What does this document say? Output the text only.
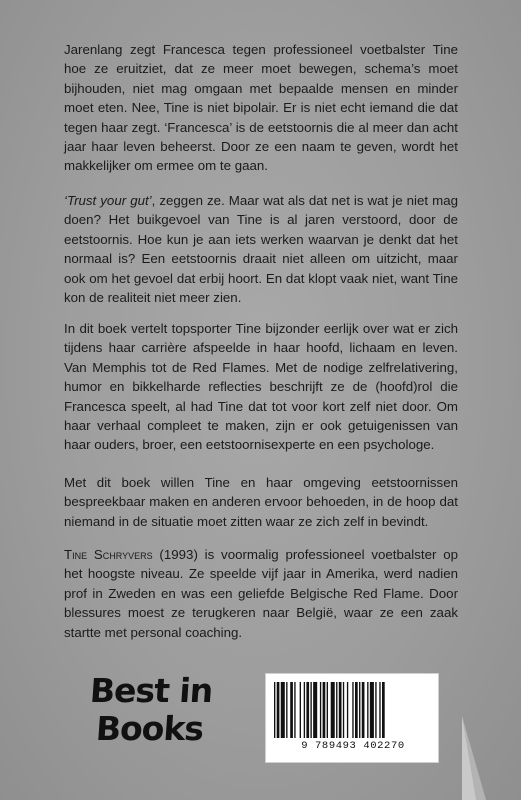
Jarenlang zegt Francesca tegen professioneel voetbalster Tine hoe ze eruitziet, dat ze meer moet bewegen, schema’s moet bijhouden, niet mag omgaan met bepaalde mensen en minder moet eten. Nee, Tine is niet bipolair. Er is niet echt iemand die dat tegen haar zegt. ‘Francesca’ is de eetstoornis die al meer dan acht jaar haar leven beheerst. Door ze een naam te geven, wordt het makkelijker om ermee om te gaan.

‘Trust your gut’, zeggen ze. Maar wat als dat net is wat je niet mag doen? Het buikgevoel van Tine is al jaren verstoord, door de eetstoornis. Hoe kun je aan iets werken waarvan je denkt dat het normaal is? Een eetstoornis draait niet alleen om uitzicht, maar ook om het gevoel dat erbij hoort. En dat klopt vaak niet, want Tine kon de realiteit niet meer zien.

In dit boek vertelt topsporter Tine bijzonder eerlijk over wat er zich tijdens haar carrière afspeelde in haar hoofd, lichaam en leven. Van Memphis tot de Red Flames. Met de nodige zelfrelativering, humor en bikkelharde reflecties beschrijft ze de (hoofd)rol die Francesca speelt, al had Tine dat tot voor kort zelf niet door. Om haar verhaal compleet te maken, zijn er ook getuigenissen van haar ouders, broer, een eetstoornisexperte en een psychologe.

Met dit boek willen Tine en haar omgeving eetstoornissen bespreekbaar maken en anderen ervoor behoeden, in de hoop dat niemand in de situatie moet zitten waar ze zich zelf in bevindt.

Tine Schryvers (1993) is voormalig professioneel voetbalster op het hoogste niveau. Ze speelde vijf jaar in Amerika, werd nadien prof in Zweden en was een geliefde Belgische Red Flame. Door blessures moest ze terugkeren naar België, waar ze een zaak startte met personal coaching.

Best in
Books	9 789493 402270
